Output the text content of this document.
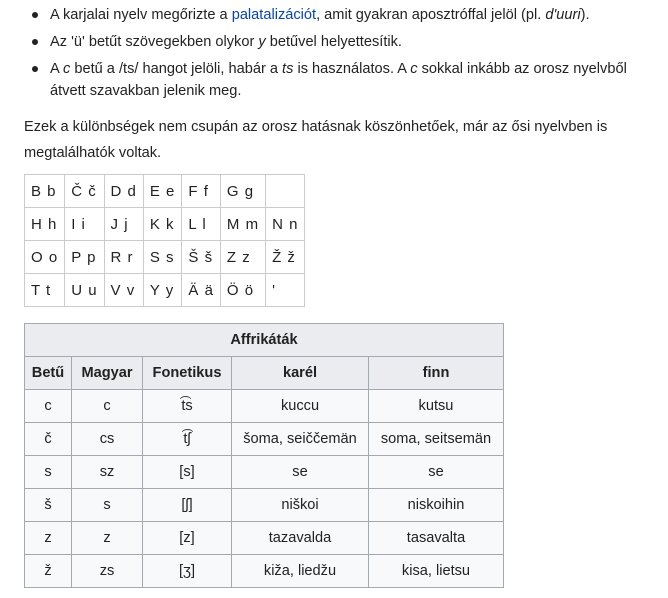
A karjalai nyelv megőrizte a palatalizációt, amit gyakran aposztróffal jelöl (pl. d'uuri).
Az 'ü' betűt szövegekben olykor y betűvel helyettesítik.
A c betű a /ts/ hangot jelöli, habár a ts is használatos. A c sokkal inkább az orosz nyelvből átvett szavakban jelenik meg.

Ezek a különbségek nem csupán az orosz hatásnak köszönhetőek, már az ősi nyelvben is megtalálhatók voltak.

B b	Č č	D d	E e	F f	G g	
H h	I i	J j	K k	L l	M m	N n
O o	P p	R r	S s	Š š	Z z	Ž ž
T t	U u	V v	Y y	Ä ä	Ö ö	'
Affrikáták				
Betű	Magyar	Fonetikus	karél	finn
c	c	t͡s	kuccu	kutsu
č	cs	t͡ʃ	šoma, seiččemän	soma, seitsemän
s	sz	[s]	se	se
š	s	[ʃ]	niškoi	niskoihin
z	z	[z]	tazavalda	tasavalta
ž	zs	[ʒ]	kiža, liedžu	kisa, lietsu
